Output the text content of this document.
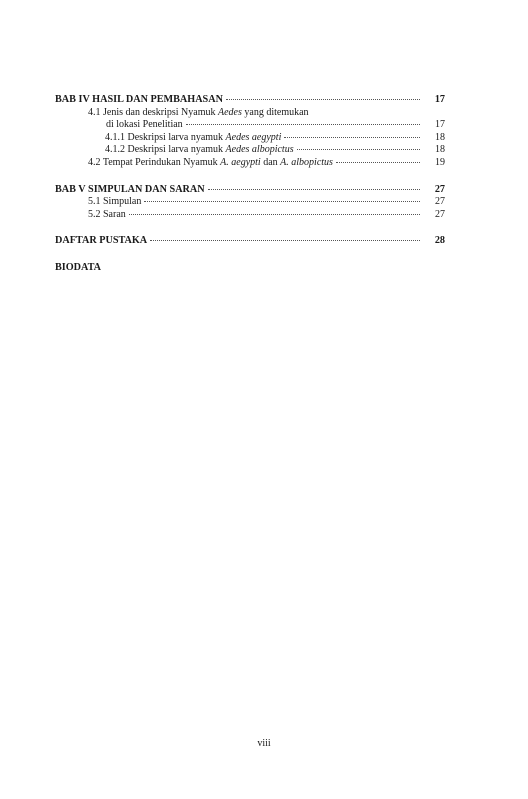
BAB IV HASIL DAN PEMBAHASAN	17
4.1 Jenis dan deskripsi Nyamuk Aedes yang ditemukan
di lokasi Penelitian	17
4.1.1 Deskripsi larva nyamuk Aedes aegypti	18
4.1.2 Deskripsi larva nyamuk Aedes albopictus	18
4.2 Tempat Perindukan Nyamuk A. aegypti dan A. albopictus	19
BAB V SIMPULAN DAN SARAN	27
5.1 Simpulan	27
5.2 Saran	27
DAFTAR PUSTAKA	28
BIODATA
viii
